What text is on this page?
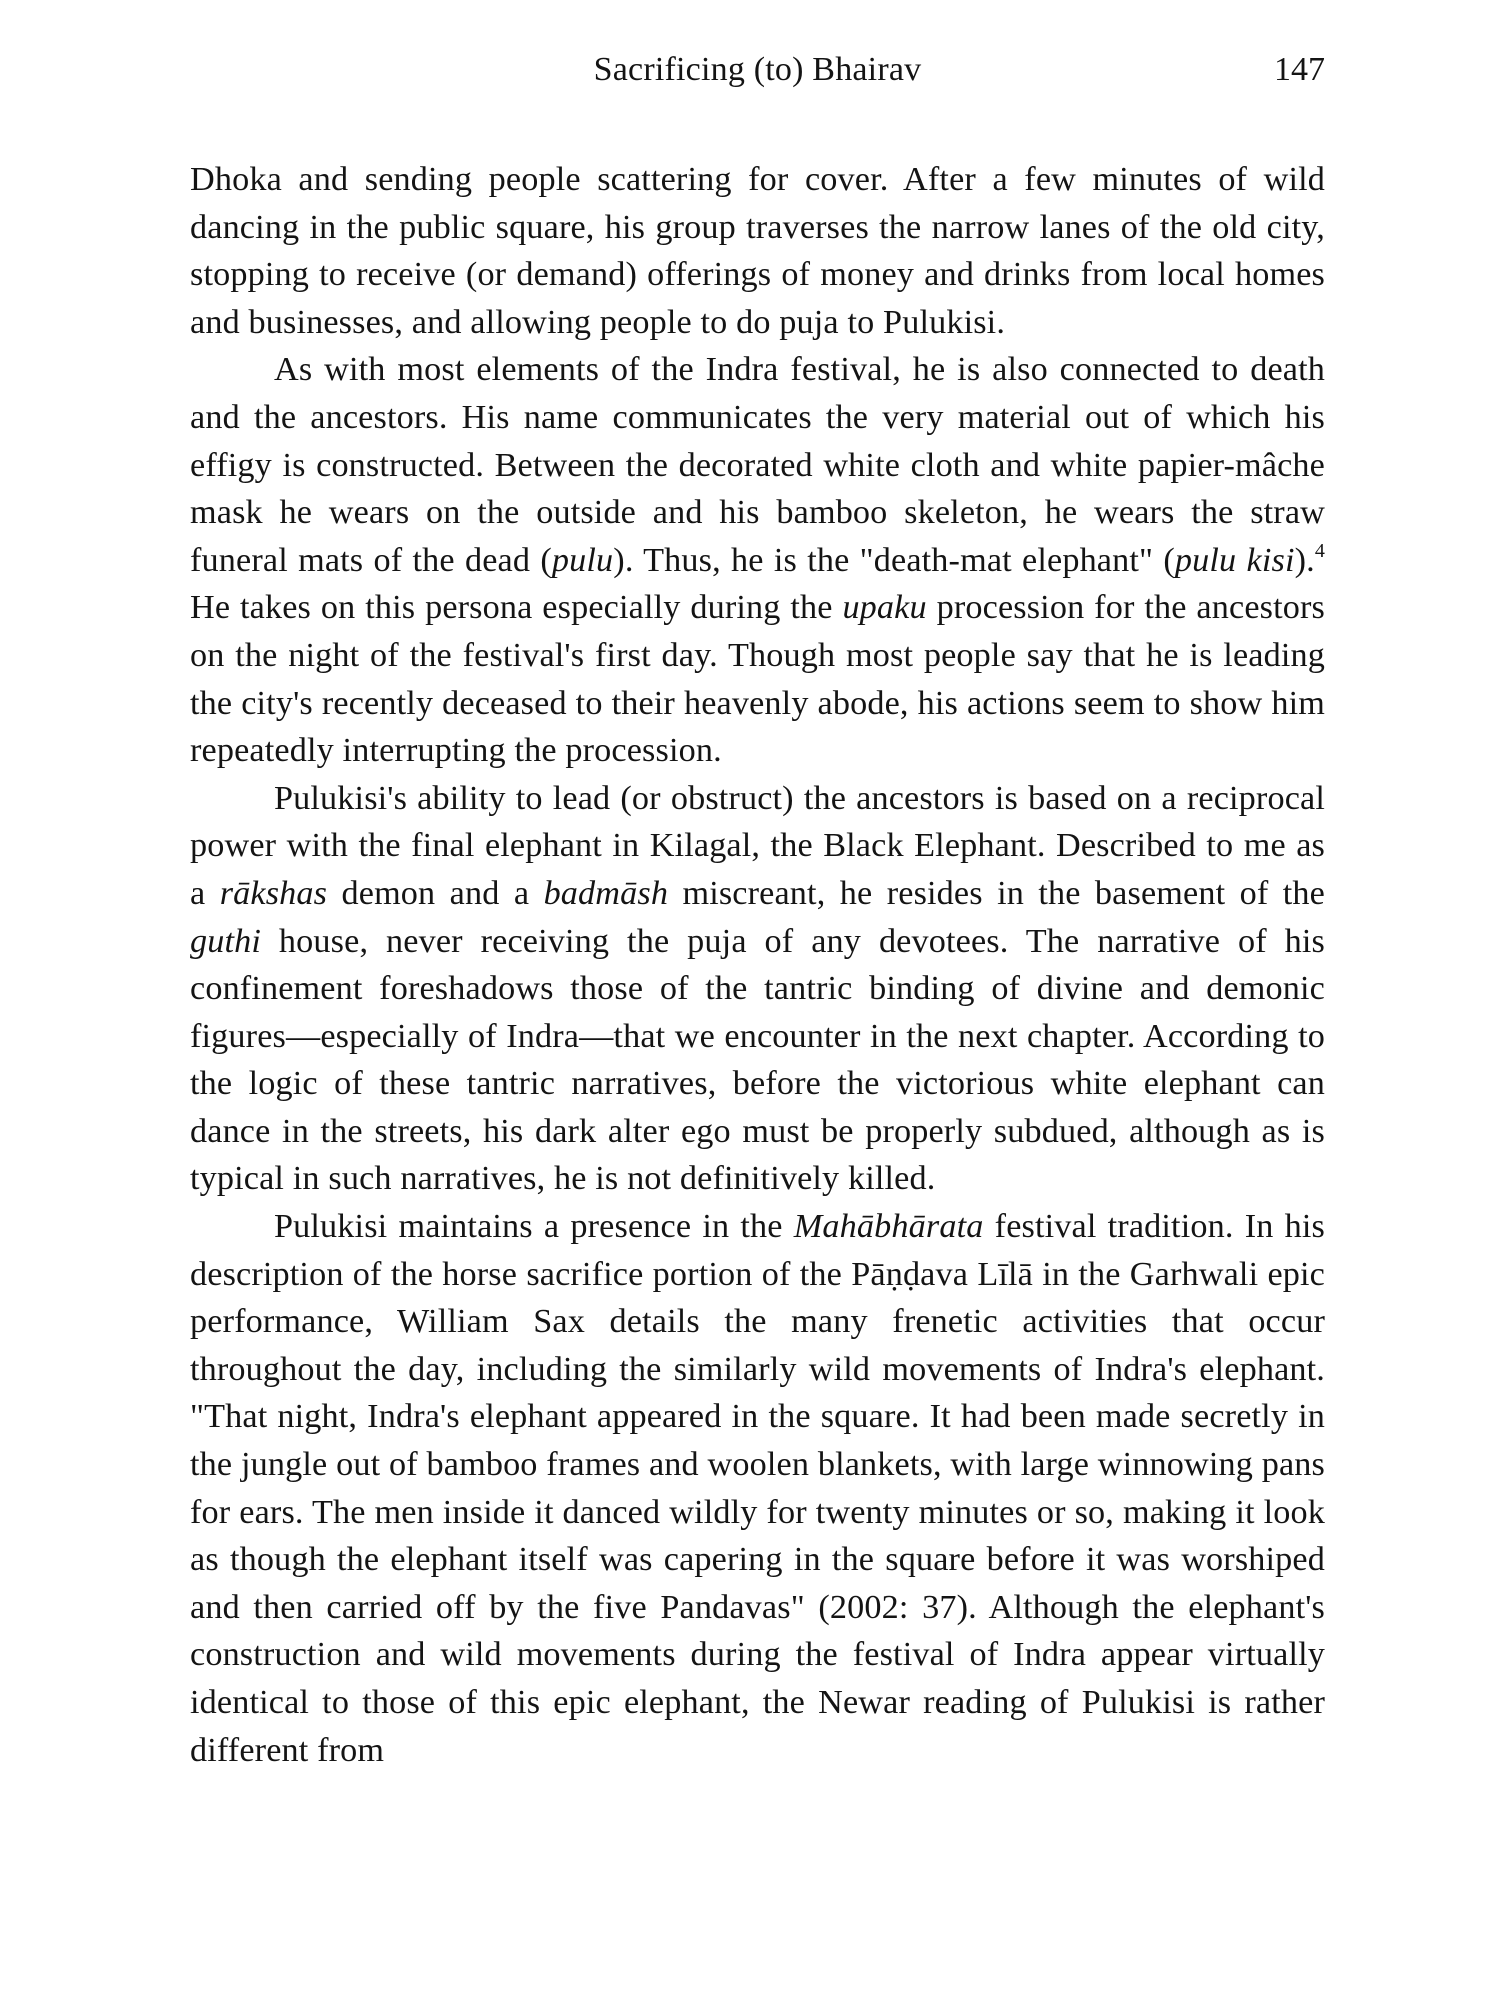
Sacrificing (to) Bhairav	147

Dhoka and sending people scattering for cover. After a few minutes of wild dancing in the public square, his group traverses the narrow lanes of the old city, stopping to receive (or demand) offerings of money and drinks from local homes and businesses, and allowing people to do puja to Pulukisi.

As with most elements of the Indra festival, he is also connected to death and the ancestors. His name communicates the very material out of which his effigy is constructed. Between the decorated white cloth and white papier-mâche mask he wears on the outside and his bamboo skeleton, he wears the straw funeral mats of the dead (pulu). Thus, he is the "death-mat elephant" (pulu kisi).$^4$ He takes on this persona especially during the upaku procession for the ancestors on the night of the festival's first day. Though most people say that he is leading the city's recently deceased to their heavenly abode, his actions seem to show him repeatedly interrupting the procession.

Pulukisi's ability to lead (or obstruct) the ancestors is based on a reciprocal power with the final elephant in Kilagal, the Black Elephant. Described to me as a rākshas demon and a badmāsh miscreant, he resides in the basement of the guthi house, never receiving the puja of any devotees. The narrative of his confinement foreshadows those of the tantric binding of divine and demonic figures—especially of Indra—that we encounter in the next chapter. According to the logic of these tantric narratives, before the victorious white elephant can dance in the streets, his dark alter ego must be properly subdued, although as is typical in such narratives, he is not definitively killed.

Pulukisi maintains a presence in the Mahābhārata festival tradition. In his description of the horse sacrifice portion of the Pāṇḍava Līlā in the Garhwali epic performance, William Sax details the many frenetic activities that occur throughout the day, including the similarly wild movements of Indra's elephant. "That night, Indra's elephant appeared in the square. It had been made secretly in the jungle out of bamboo frames and woolen blankets, with large winnowing pans for ears. The men inside it danced wildly for twenty minutes or so, making it look as though the elephant itself was capering in the square before it was worshiped and then carried off by the five Pandavas" (2002: 37). Although the elephant's construction and wild movements during the festival of Indra appear virtually identical to those of this epic elephant, the Newar reading of Pulukisi is rather different from
